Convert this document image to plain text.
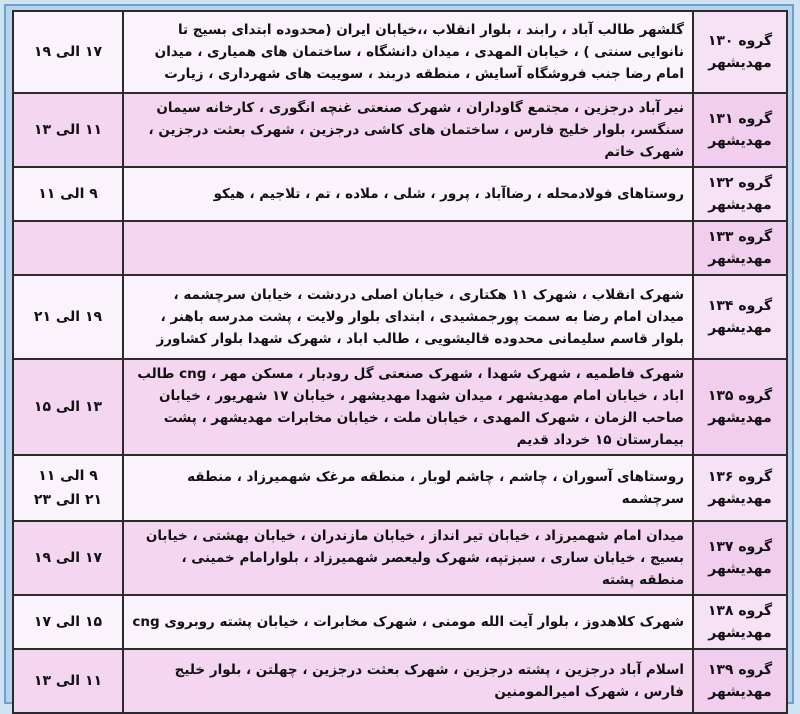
گروه ۱۳۰
مهدیشهر	گلشهر طالب آباد ، رابند ، بلوار انقلاب ،،خیابان ایران (محدوده ابتدای بسیج تا نانوایی سنتی ) ، خیابان المهدی ، میدان دانشگاه ، ساختمان های همیاری ، میدان امام رضا جنب فروشگاه آسایش ، منطقه دربند ، سوییت های شهرداری ، زیارت	۱۷ الی ۱۹

گروه ۱۳۱
مهدیشهر	نیر آباد درجزین ، مجتمع گاوداران ، شهرک صنعتی غنچه انگوری ، کارخانه سیمان سنگسر، بلوار خلیج فارس ، ساختمان های کاشی درجزین ، شهرک بعثت درجزین ، شهرک خاتم	۱۱ الی ۱۳

گروه ۱۳۲
مهدیشهر	روستاهای فولادمحله ، رضاآباد ، پرور ، شلی ، ملاده ، تم ، تلاجیم ، هیکو	۹ الی ۱۱

گروه ۱۳۳
مهدیشهر		

گروه ۱۳۴
مهدیشهر	شهرک انقلاب ، شهرک ۱۱ هکتاری ، خیابان اصلی دردشت ، خیابان سرچشمه ، میدان امام رضا به سمت پورجمشیدی ، ابتدای بلوار ولایت ، پشت مدرسه باهنر ، بلوار قاسم سلیمانی محدوده قالیشویی ، طالب اباد ، شهرک شهدا بلوار کشاورز	۱۹ الی ۲۱

گروه ۱۳۵
مهدیشهر	شهرک فاطمیه ، شهرک شهدا ، شهرک صنعتی گل رودبار ، مسکن مهر ، cng طالب اباد ، خیابان امام مهدیشهر ، میدان شهدا مهدیشهر ، خیابان ۱۷ شهریور ، خیابان صاحب الزمان ، شهرک المهدی ، خیابان ملت ، خیابان مخابرات مهدیشهر ، پشت بیمارستان ۱۵ خرداد قدیم	۱۳ الی ۱۵

گروه ۱۳۶
مهدیشهر	روستاهای آسوران ، چاشم ، چاشم لوبار ، منطقه مرغک شهمیرزاد ، منطقه سرچشمه	۹ الی ۱۱
۲۱ الی ۲۳

گروه ۱۳۷
مهدیشهر	میدان امام شهمیرزاد ، خیابان تیر انداز ، خیابان مازندران ، خیابان بهشتی ، خیابان بسیج ، خیابان ساری ، سبزتپه، شهرک ولیعصر شهمیرزاد ، بلوارامام خمینی ، منطقه پشته	۱۷ الی ۱۹

گروه ۱۳۸
مهدیشهر	شهرک کلاهدوز ، بلوار آیت الله مومنی ، شهرک مخابرات ، خیابان پشته روبروی cng	۱۵ الی ۱۷

گروه ۱۳۹
مهدیشهر	اسلام آباد درجزین ، پشته درجزین ، شهرک بعثت درجزین ، چهلتن ، بلوار خلیج فارس ، شهرک امیرالمومنین	۱۱ الی ۱۳
